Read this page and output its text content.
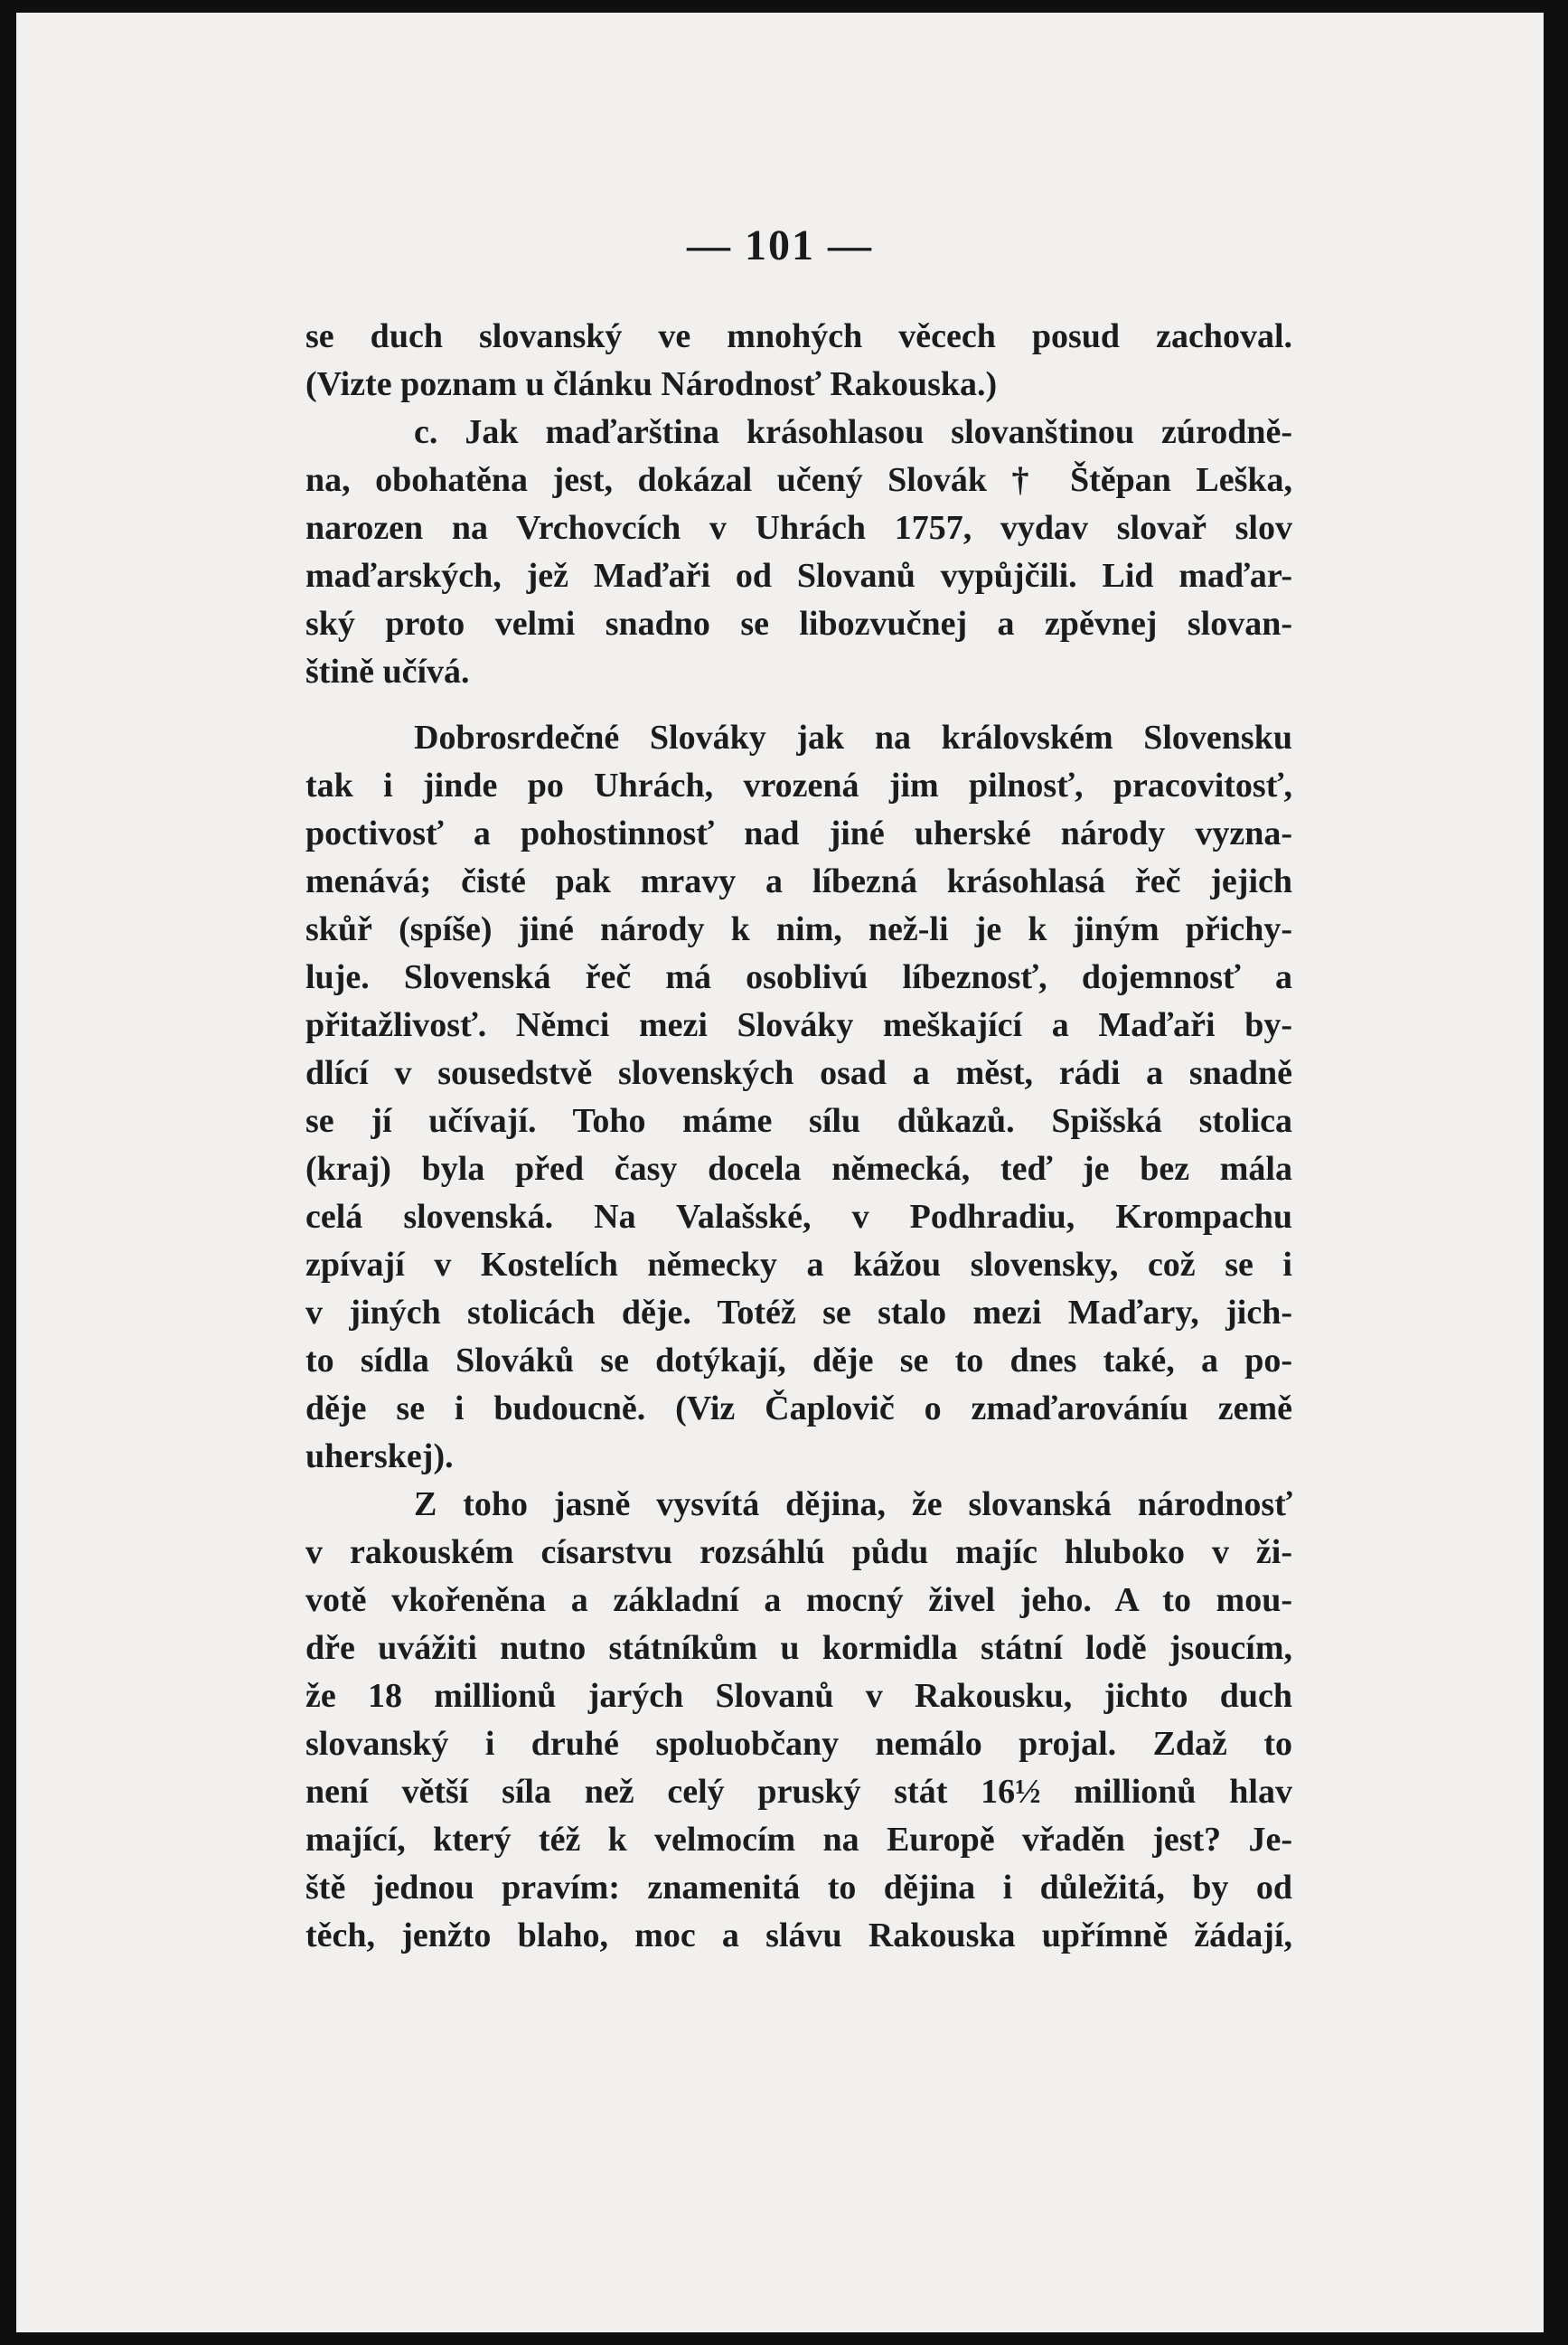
— 101 —
se duch slovanský ve mnohých věcech posud zachoval.
(Vizte poznam u článku Národnosť Rakouska.)
c. Jak maďarština krásohlasou slovanštinou zúrodně-
na, obohatěna jest, dokázal učený Slovák † Štěpan Leška,
narozen na Vrchovcích v Uhrách 1757, vydav slovař slov
maďarských, jež Maďaři od Slovanů vypůjčili. Lid maďar-
ský proto velmi snadno se libozvučnej a zpěvnej slovan-
štině učívá.
Dobrosrdečné Slováky jak na královském Slovensku
tak i jinde po Uhrách, vrozená jim pilnosť, pracovitosť,
poctivosť a pohostinnosť nad jiné uherské národy vyzna-
menává; čisté pak mravy a líbezná krásohlasá řeč jejich
skůř (spíše) jiné národy k nim, než-li je k jiným přichy-
luje. Slovenská řeč má osoblivú líbeznosť, dojemnosť a
přitažlivosť. Němci mezi Slováky meškající a Maďaři by-
dlící v sousedstvě slovenských osad a měst, rádi a snadně
se jí učívají. Toho máme sílu důkazů. Spišská stolica
(kraj) byla před časy docela německá, teď je bez mála
celá slovenská. Na Valašské, v Podhradiu, Krompachu
zpívají v Kostelích německy a kážou slovensky, což se i
v jiných stolicách děje. Totéž se stalo mezi Maďary, jich-
to sídla Slováků se dotýkají, děje se to dnes také, a po-
děje se i budoucně. (Viz Čaplovič o zmaďarováníu země
uherskej).
Z toho jasně vysvítá dějina, že slovanská národnosť
v rakouském císarstvu rozsáhlú půdu majíc hluboko v ži-
votě vkořeněna a základní a mocný živel jeho. A to mou-
dře uvážiti nutno státníkům u kormidla státní lodě jsoucím,
že 18 millionů jarých Slovanů v Rakousku, jichto duch
slovanský i druhé spoluobčany nemálo projal. Zdaž to
není větší síla než celý pruský stát 16½ millionů hlav
mající, který též k velmocím na Europě vřaděn jest? Je-
ště jednou pravím: znamenitá to dějina i důležitá, by od
těch, jenžto blaho, moc a slávu Rakouska upřímně žádají,
